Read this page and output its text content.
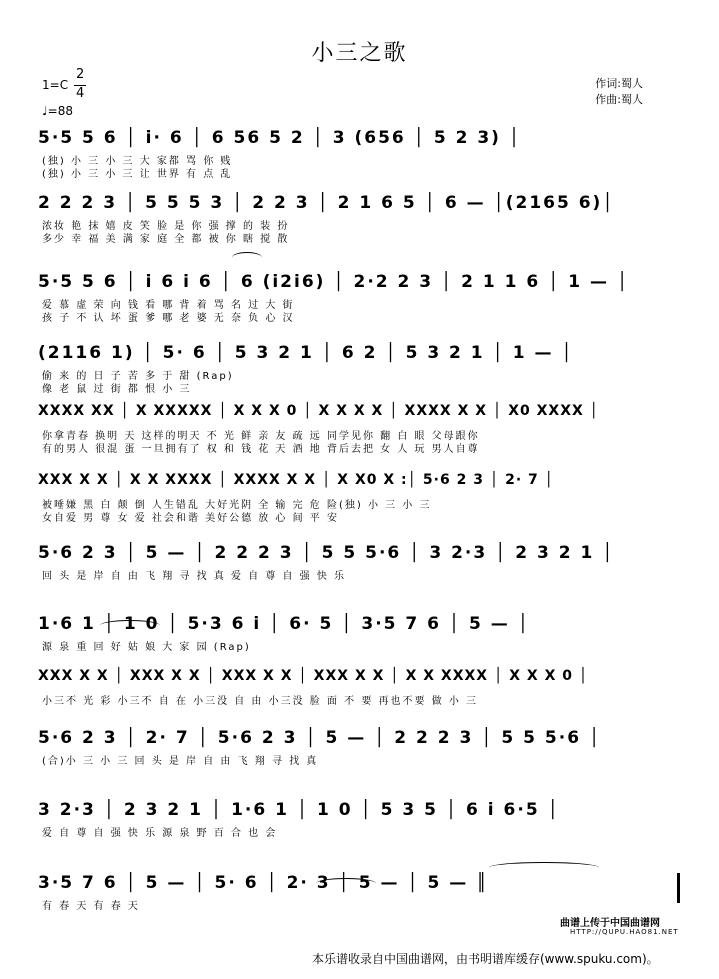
小三之歌
1=C
2
4
♩=88
作词:蜀人
作曲:蜀人
5·5 5 6 │ i· 6 │ 6 56 5 2 │ 3 (656 │ 5 2 3) │
(独) 小 三 小 三 大 家都 骂 你 贱
(独) 小 三 小 三 让 世界 有 点 乱
2 2 2 3 │ 5 5 5 3 │ 2 2 3 │ 2 1 6 5 │ 6 — │(2165 6)│
浓妆 艳 抹 嬉 皮 笑 脸 是 你 强 撑 的 装 扮
多少 幸 福 美 满 家 庭 全 都 被 你 瞎 搅 散
5·5 5 6 │ i 6 i 6 │ 6 (i2i6) │ 2·2 2 3 │ 2 1 1 6 │ 1 — │
爱 慕 虚 荣 向 钱 看 哪 背 着 骂 名 过 大 街
孩 子 不 认 坏 蛋 爹 哪 老 婆 无 奈 负 心 汉
(2116 1) │ 5· 6 │ 5 3 2 1 │ 6 2 │ 5 3 2 1 │ 1 — │
偷 来 的 日 子 苦 多 于 甜 (Rap)
像 老 鼠 过 街 都 恨 小 三
XXXX XX │ X XXXXX │ X X X 0 │ X X X X │ XXXX X X │ X0 XXXX │
你拿青春 换明 天 这样的明天 不 光 鲜 亲 友 疏 远 同学见你 翻 白 眼 父母跟你
有的男人 很混 蛋 一旦拥有了 权 和 钱 花 天 酒 地 背后去把 女 人 玩 男人自尊
XXX X X │ X X XXXX │ XXXX X X │ X X0 X :│ 5·6 2 3 │ 2· 7 │
被唾嫌 黑 白 颠 倒 人生错乱 大好光阴 全 输 完 危 险(独) 小 三 小 三
女自爱 男 尊 女 爱 社会和谐 美好公德 放 心 间 平 安
5·6 2 3 │ 5 — │ 2 2 2 3 │ 5 5 5·6 │ 3 2·3 │ 2 3 2 1 │
回 头 是 岸 自 由 飞 翔 寻 找 真 爱 自 尊 自 强 快 乐
1·6 1 │ 1 0 │ 5·3 6 i │ 6· 5 │ 3·5 7 6 │ 5 — │
源 泉 重 回 好 姑 娘 大 家 园 (Rap)
XXX X X │ XXX X X │ XXX X X │ XXX X X │ X X XXXX │ X X X 0 │
小三不 光 彩 小三不 自 在 小三没 自 由 小三没 脸 面 不 要 再也不要 做 小 三
5·6 2 3 │ 2· 7 │ 5·6 2 3 │ 5 — │ 2 2 2 3 │ 5 5 5·6 │
(合)小 三 小 三 回 头 是 岸 自 由 飞 翔 寻 找 真
3 2·3 │ 2 3 2 1 │ 1·6 1 │ 1 0 │ 5 3 5 │ 6 i 6·5 │
爱 自 尊 自 强 快 乐 源 泉 野 百 合 也 会
3·5 7 6 │ 5 — │ 5· 6 │ 2· 3 │ 5 — │ 5 — ║
有 春 天 有 春 天
曲谱上传于中国曲谱网
HTTP://QUPU.HAO81.NET
本乐谱收录自中国曲谱网，由书明谱库缓存(www.spuku.com)。
